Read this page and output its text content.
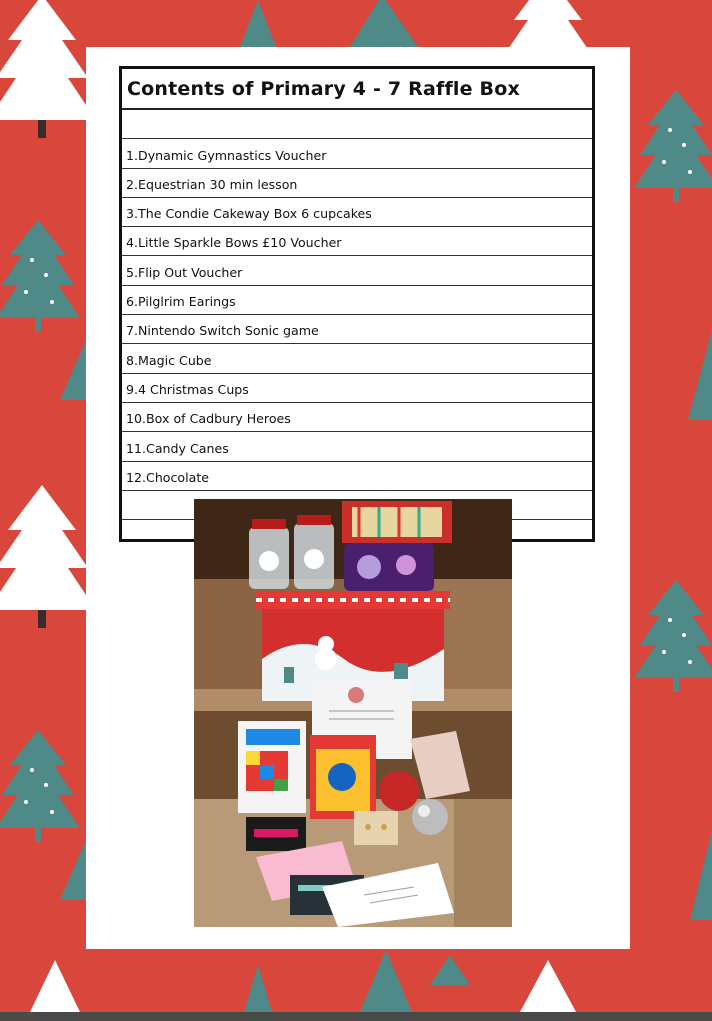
Contents of Primary 4 - 7 Raffle Box
1.Dynamic Gymnastics Voucher
2.Equestrian 30 min lesson
3.The Condie Cakeway Box 6 cupcakes
4.Little Sparkle Bows £10 Voucher
5.Flip Out Voucher
6.Pilglrim Earings
7.Nintendo Switch Sonic game
8.Magic Cube
9.4 Christmas Cups
10.Box of Cadbury Heroes
11.Candy Canes
12.Chocolate
